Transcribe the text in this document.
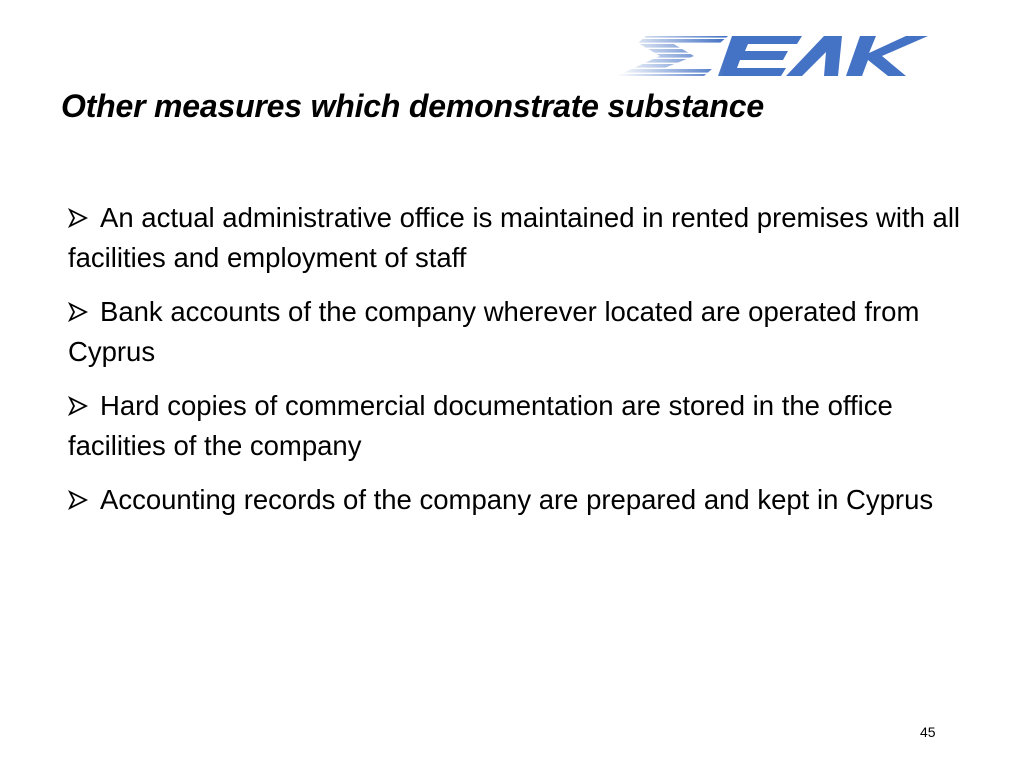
Other measures which demonstrate substance
An actual administrative office is maintained in rented premises with all facilities and employment of staff
Bank accounts of the company wherever located are operated from Cyprus
Hard copies of commercial documentation are stored in the office facilities of the company
Accounting records of the company are prepared and kept in Cyprus
45
